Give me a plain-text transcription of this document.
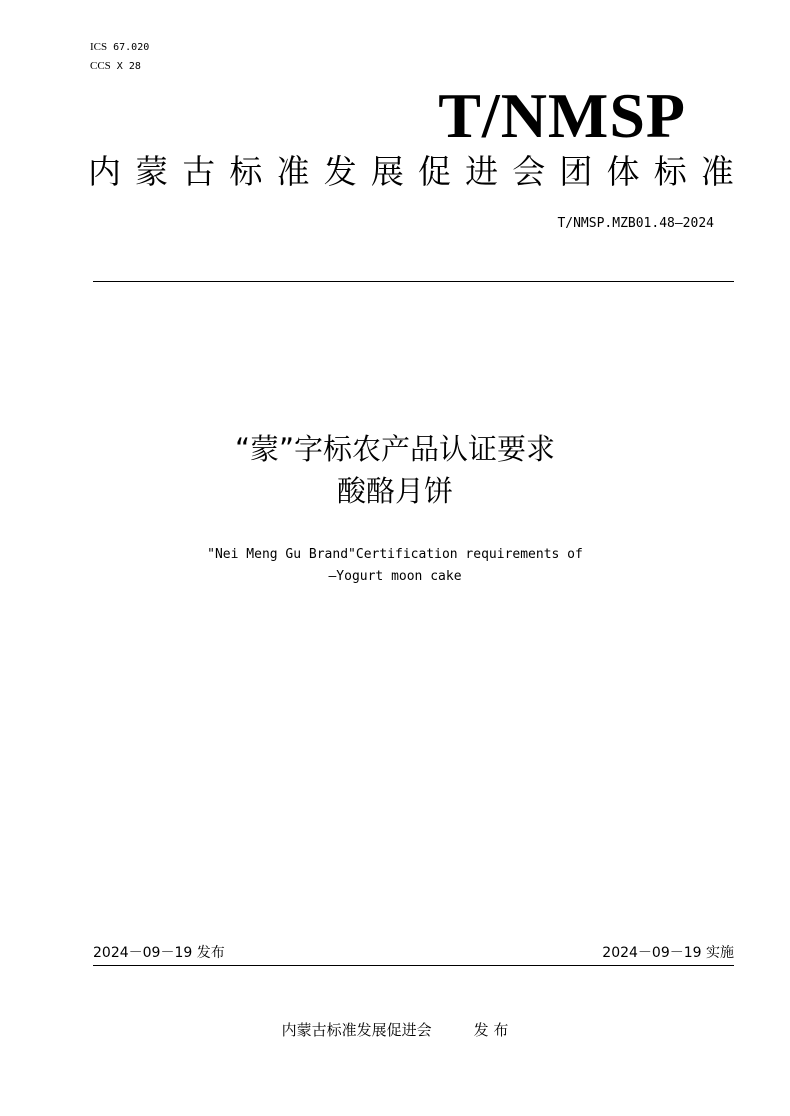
ICS 67.020
CCS X 28
T/NMSP
内 蒙 古 标 准 发 展 促 进 会 团 体 标 准
T/NMSP.MZB01.48—2024
“蒙”字标农产品认证要求
酸酪月饼
"Nei Meng Gu Brand"Certification requirements of
—Yogurt moon cake
2024－09－19 发布	2024－09－19 实施
内蒙古标准发展促进会	发 布
